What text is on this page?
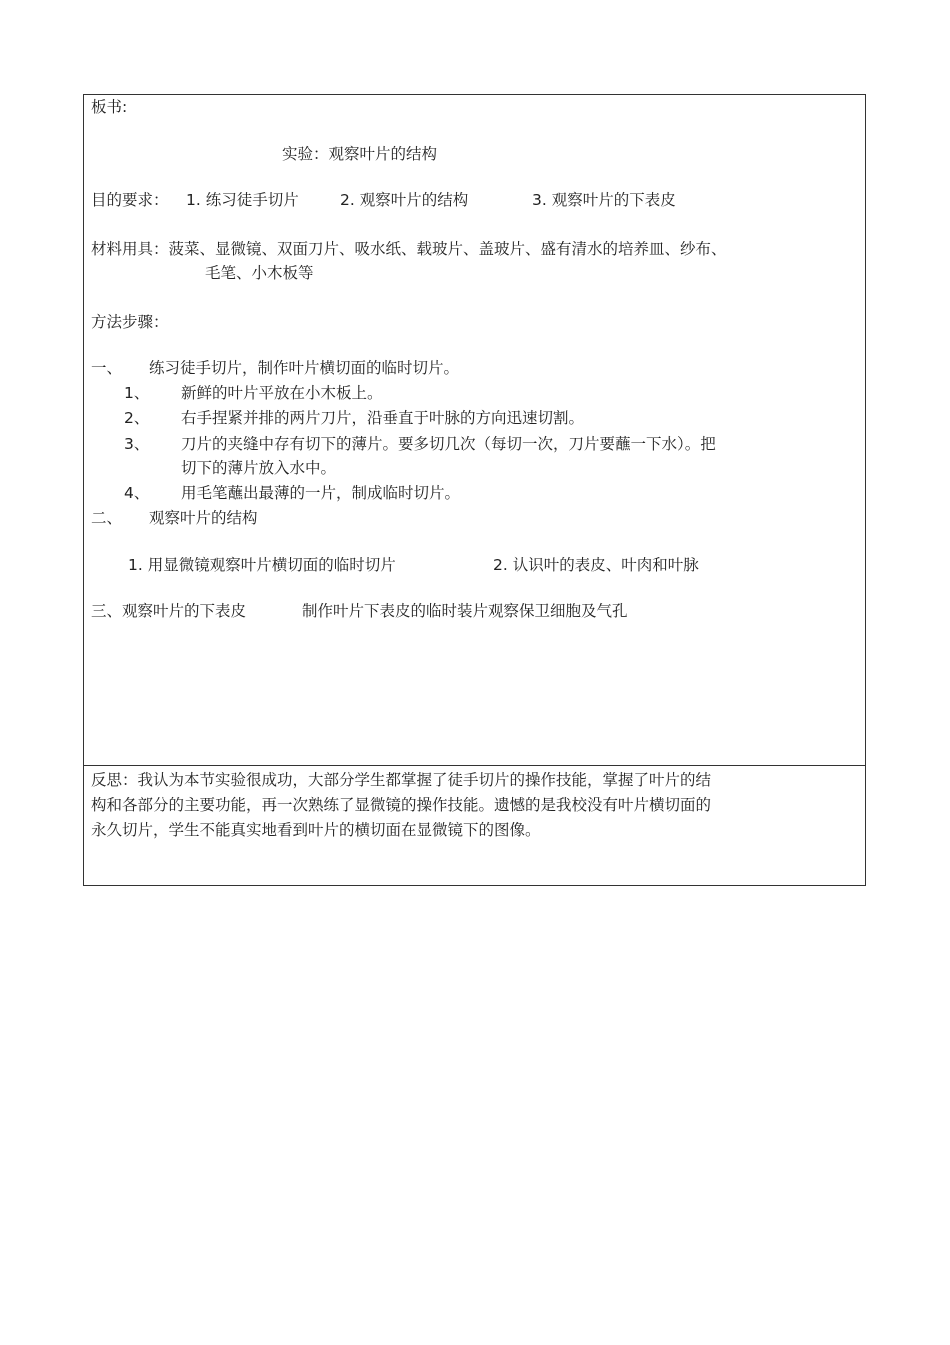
板书:
实验：观察叶片的结构
目的要求： 1. 练习徒手切片	2. 观察叶片的结构	3. 观察叶片的下表皮
材料用具：菠菜、显微镜、双面刀片、吸水纸、载玻片、盖玻片、盛有清水的培养皿、纱布、
毛笔、小木板等
方法步骤：
一、 练习徒手切片，制作叶片横切面的临时切片。
1、 新鲜的叶片平放在小木板上。
2、 右手捏紧并排的两片刀片，沿垂直于叶脉的方向迅速切割。
3、 刀片的夹缝中存有切下的薄片。要多切几次（每切一次，刀片要蘸一下水）。把
切下的薄片放入水中。
4、 用毛笔蘸出最薄的一片，制成临时切片。
二、 观察叶片的结构
1. 用显微镜观察叶片横切面的临时切片	2. 认识叶的表皮、叶肉和叶脉
三、观察叶片的下表皮	制作叶片下表皮的临时装片观察保卫细胞及气孔
反思：我认为本节实验很成功，大部分学生都掌握了徒手切片的操作技能，掌握了叶片的结
构和各部分的主要功能，再一次熟练了显微镜的操作技能。遗憾的是我校没有叶片横切面的
永久切片，学生不能真实地看到叶片的横切面在显微镜下的图像。
